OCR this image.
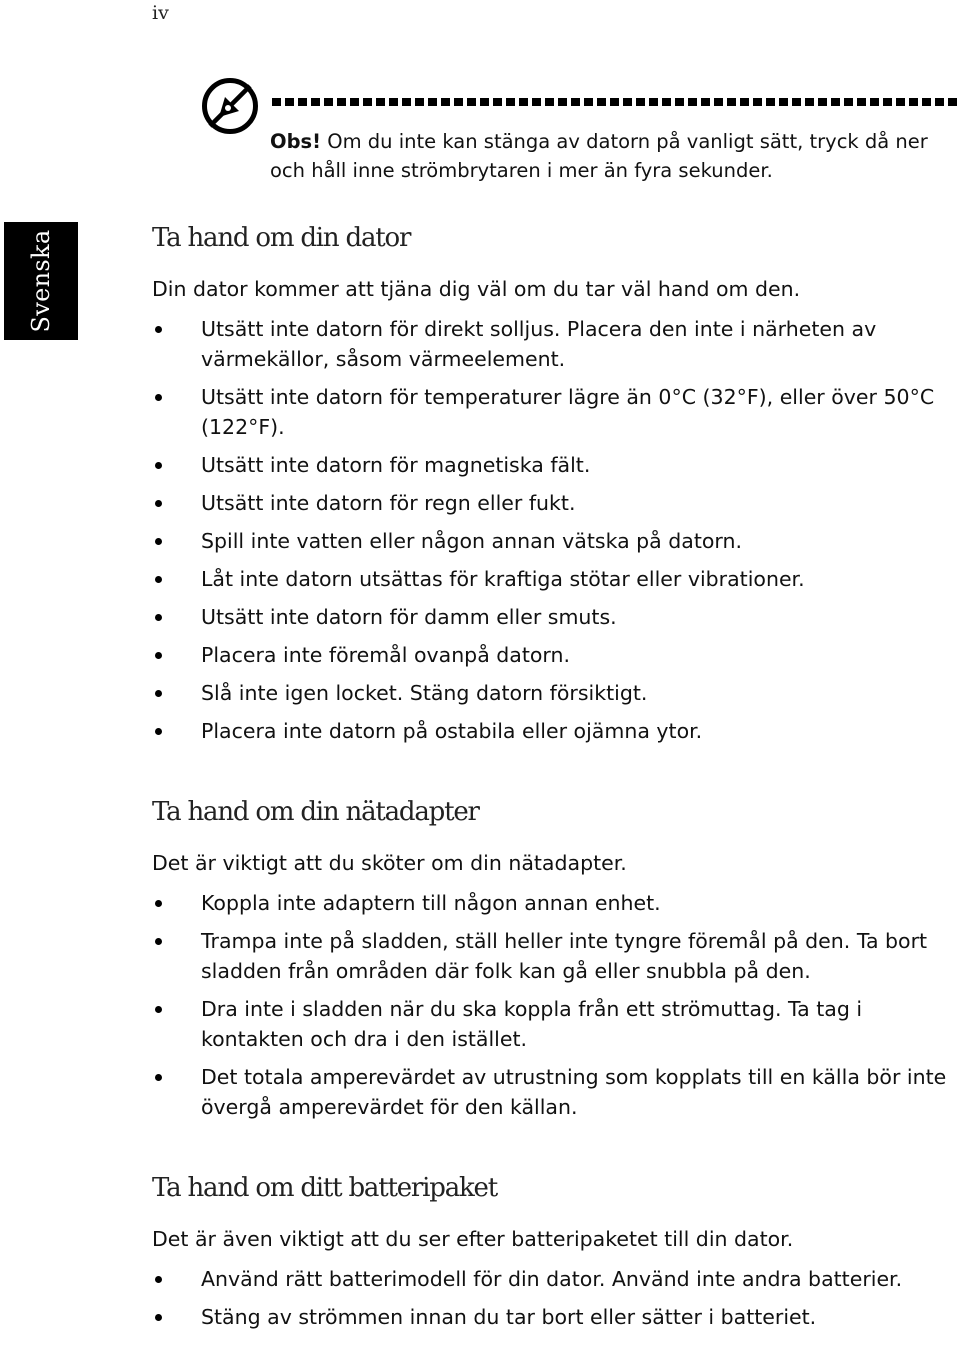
iv
Svenska
Obs! Om du inte kan stänga av datorn på vanligt sätt, tryck då ner och håll inne strömbrytaren i mer än fyra sekunder.
Ta hand om din dator

Din dator kommer att tjäna dig väl om du tar väl hand om den.

Utsätt inte datorn för direkt solljus. Placera den inte i närheten av värmekällor, såsom värmeelement.
Utsätt inte datorn för temperaturer lägre än 0°C (32°F), eller över 50°C (122°F).
Utsätt inte datorn för magnetiska fält.
Utsätt inte datorn för regn eller fukt.
Spill inte vatten eller någon annan vätska på datorn.
Låt inte datorn utsättas för kraftiga stötar eller vibrationer.
Utsätt inte datorn för damm eller smuts.
Placera inte föremål ovanpå datorn.
Slå inte igen locket. Stäng datorn försiktigt.
Placera inte datorn på ostabila eller ojämna ytor.
Ta hand om din nätadapter

Det är viktigt att du sköter om din nätadapter.

Koppla inte adaptern till någon annan enhet.
Trampa inte på sladden, ställ heller inte tyngre föremål på den. Ta bort sladden från områden där folk kan gå eller snubbla på den.
Dra inte i sladden när du ska koppla från ett strömuttag. Ta tag i kontakten och dra i den istället.
Det totala amperevärdet av utrustning som kopplats till en källa bör inte övergå amperevärdet för den källan.
Ta hand om ditt batteripaket

Det är även viktigt att du ser efter batteripaketet till din dator.

Använd rätt batterimodell för din dator. Använd inte andra batterier.
Stäng av strömmen innan du tar bort eller sätter i batteriet.
